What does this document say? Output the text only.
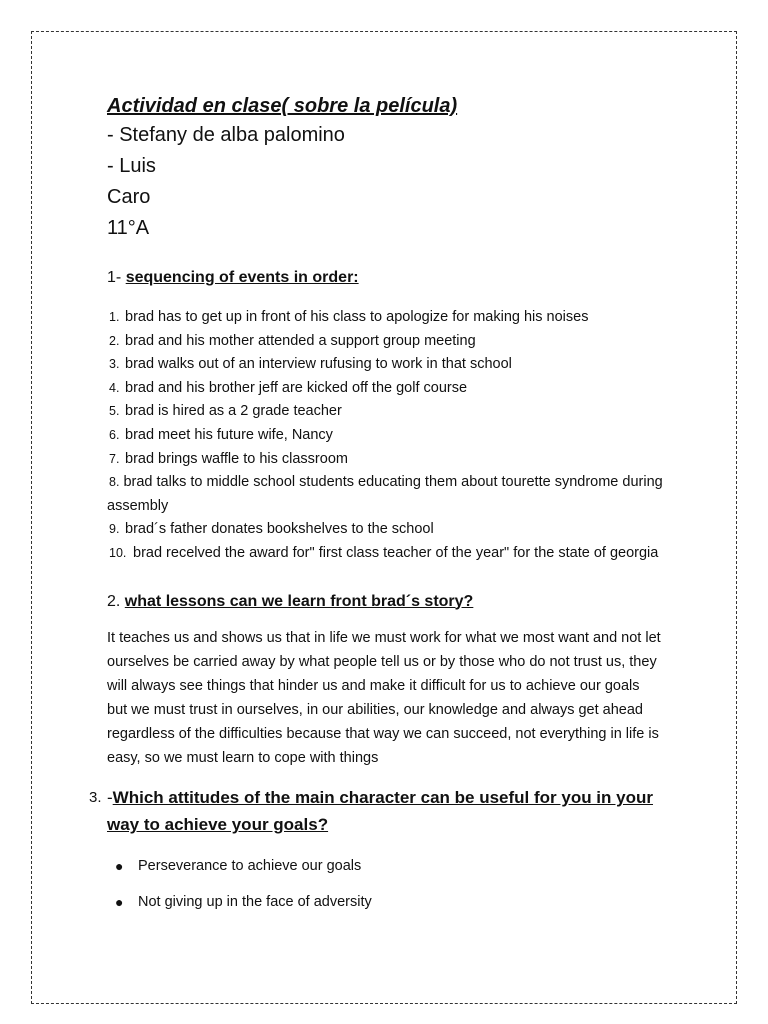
Actividad en clase( sobre la película)

- Stefany de alba palomino

- Luis

Caro

11°A

1- sequencing of events in order:
1. brad has to get up in front of his class to apologize for making his noises
2. brad and his mother attended a support group meeting
3. brad walks out of an interview rufusing to work in that school
4. brad and his brother jeff are kicked off the golf course
5. brad is hired as a 2 grade teacher
6. brad meet his future wife, Nancy
7. brad brings waffle to his classroom
8. brad talks to middle school students educating them about tourette syndrome during assembly
9. brad´s father donates bookshelves to the school
10. brad recelved the award for" first class teacher of the year" for the state of georgia
2. what lessons can we learn front brad´s story?

It teaches us and shows us that in life we must work for what we most want and not let ourselves be carried away by what people tell us or by those who do not trust us, they will always see things that hinder us and make it difficult for us to achieve our goals but we must trust in ourselves, in our abilities, our knowledge and always get ahead regardless of the difficulties because that way we can succeed, not everything in life is easy, so we must learn to cope with things

3. -Which attitudes of the main character can be useful for you in your way to achieve your goals?
● Perseverance to achieve our goals
● Not giving up in the face of adversity
